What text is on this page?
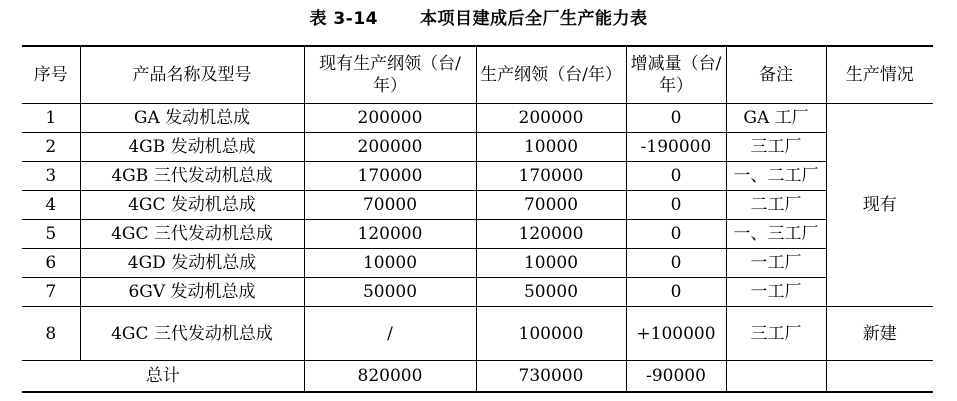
表 3-14 本项目建成后全厂生产能力表
序号	产品名称及型号	现有生产纲领（台/年）	生产纲领（台/年）	增减量（台/年）	备注	生产情况
1	GA 发动机总成	200000	200000	0	GA 工厂	现有
2	4GB 发动机总成	200000	10000	-190000	三工厂	
3	4GB 三代发动机总成	170000	170000	0	一、二工厂	
4	4GC 发动机总成	70000	70000	0	二工厂	
5	4GC 三代发动机总成	120000	120000	0	一、三工厂	
6	4GD 发动机总成	10000	10000	0	一工厂	
7	6GV 发动机总成	50000	50000	0	一工厂	
8	4GC 三代发动机总成	/	100000	+100000	三工厂	新建
总计		820000	730000	-90000		
